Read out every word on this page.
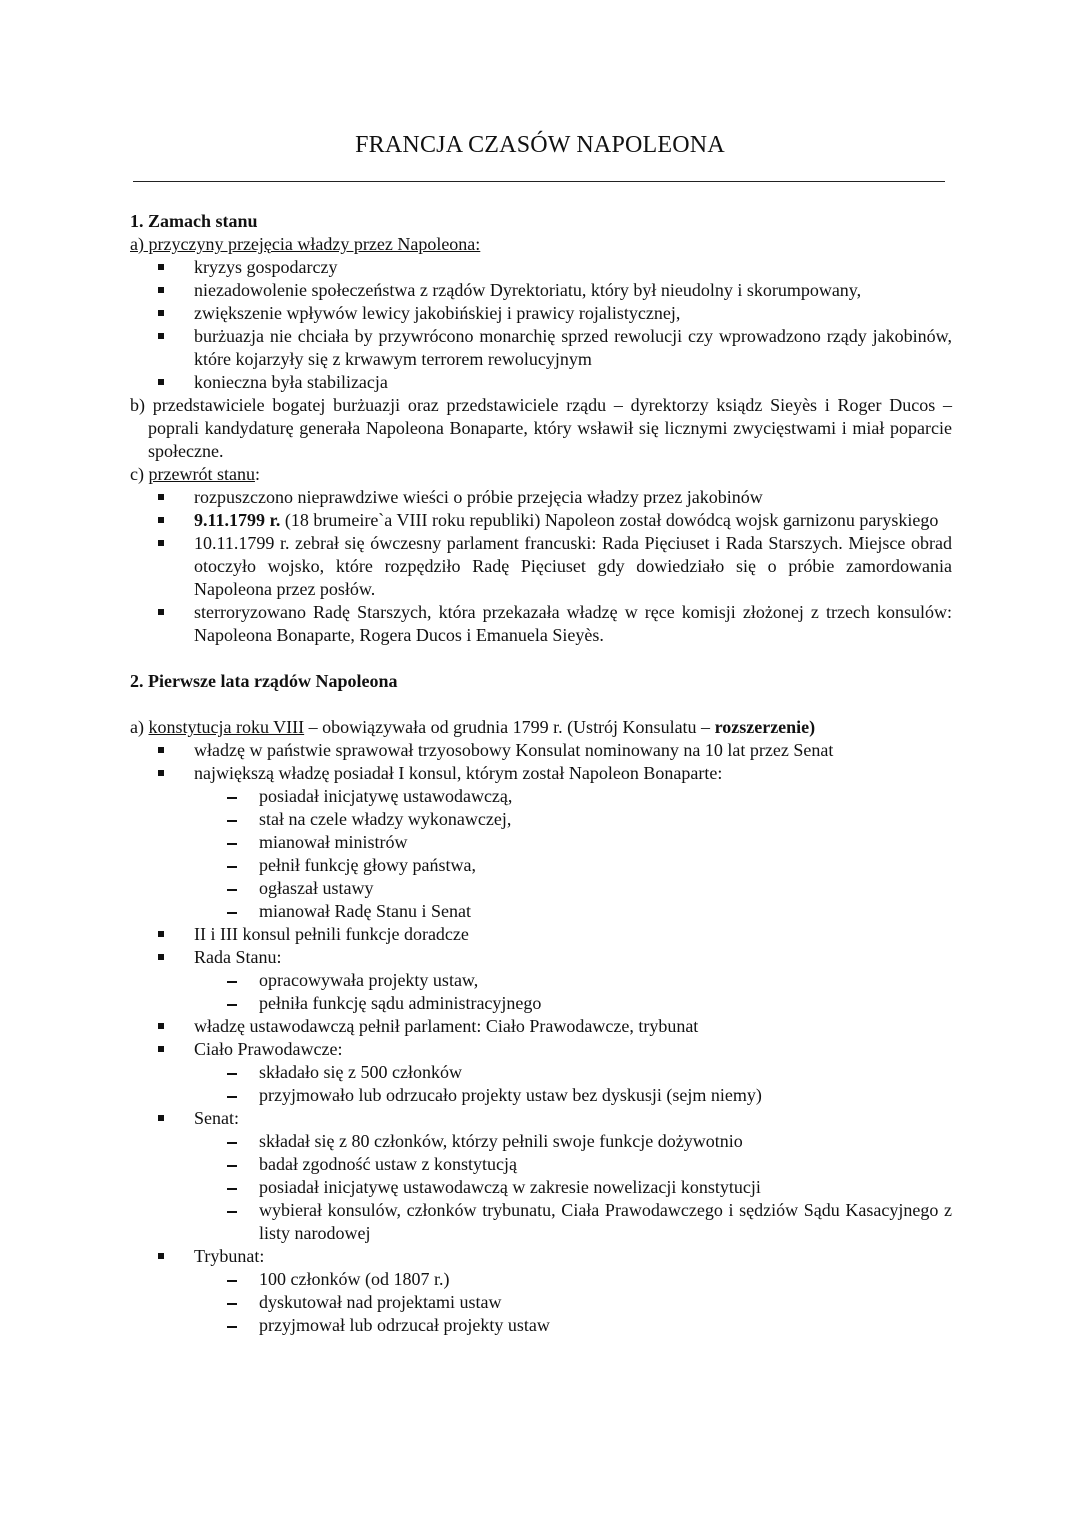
FRANCJA CZASÓW NAPOLEONA

1. Zamach stanu

a) przyczyny przejęcia władzy przez Napoleona:

kryzys gospodarczy
niezadowolenie społeczeństwa z rządów Dyrektoriatu, który był nieudolny i skorumpowany,
zwiększenie wpływów lewicy jakobińskiej i prawicy rojalistycznej,
burżuazja nie chciała by przywrócono monarchię sprzed rewolucji czy wprowadzono rządy jakobinów, które kojarzyły się z krwawym terrorem rewolucyjnym
konieczna była stabilizacja

b) przedstawiciele bogatej burżuazji oraz przedstawiciele rządu – dyrektorzy ksiądz Sieyès i Roger Ducos – poprali kandydaturę generała Napoleona Bonaparte, który wsławił się licznymi zwycięstwami i miał poparcie społeczne.

c) przewrót stanu:

rozpuszczono nieprawdziwe wieści o próbie przejęcia władzy przez jakobinów
9.11.1799 r. (18 brumeire`a VIII roku republiki) Napoleon został dowódcą wojsk garnizonu paryskiego
10.11.1799 r. zebrał się ówczesny parlament francuski: Rada Pięciuset i Rada Starszych. Miejsce obrad otoczyło wojsko, które rozpędziło Radę Pięciuset gdy dowiedziało się o próbie zamordowania Napoleona przez posłów.
sterroryzowano Radę Starszych, która przekazała władzę w ręce komisji złożonej z trzech konsulów: Napoleona Bonaparte, Rogera Ducos i Emanuela Sieyès.

2. Pierwsze lata rządów Napoleona

a) konstytucja roku VIII – obowiązywała od grudnia 1799 r. (Ustrój Konsulatu – rozszerzenie)

władzę w państwie sprawował trzyosobowy Konsulat nominowany na 10 lat przez Senat
największą władzę posiadał I konsul, którym został Napoleon Bonaparte:
posiadał inicjatywę ustawodawczą,
stał na czele władzy wykonawczej,
mianował ministrów
pełnił funkcję głowy państwa,
ogłaszał ustawy
mianował Radę Stanu i Senat
II i III konsul pełnili funkcje doradcze
Rada Stanu:
opracowywała projekty ustaw,
pełniła funkcję sądu administracyjnego
władzę ustawodawczą pełnił parlament: Ciało Prawodawcze, trybunat
Ciało Prawodawcze:
składało się z 500 członków
przyjmowało lub odrzucało projekty ustaw bez dyskusji (sejm niemy)
Senat:
składał się z 80 członków, którzy pełnili swoje funkcje dożywotnio
badał zgodność ustaw z konstytucją
posiadał inicjatywę ustawodawczą w zakresie nowelizacji konstytucji
wybierał konsulów, członków trybunatu, Ciała Prawodawczego i sędziów Sądu Kasacyjnego z listy narodowej
Trybunat:
100 członków (od 1807 r.)
dyskutował nad projektami ustaw
przyjmował lub odrzucał projekty ustaw
